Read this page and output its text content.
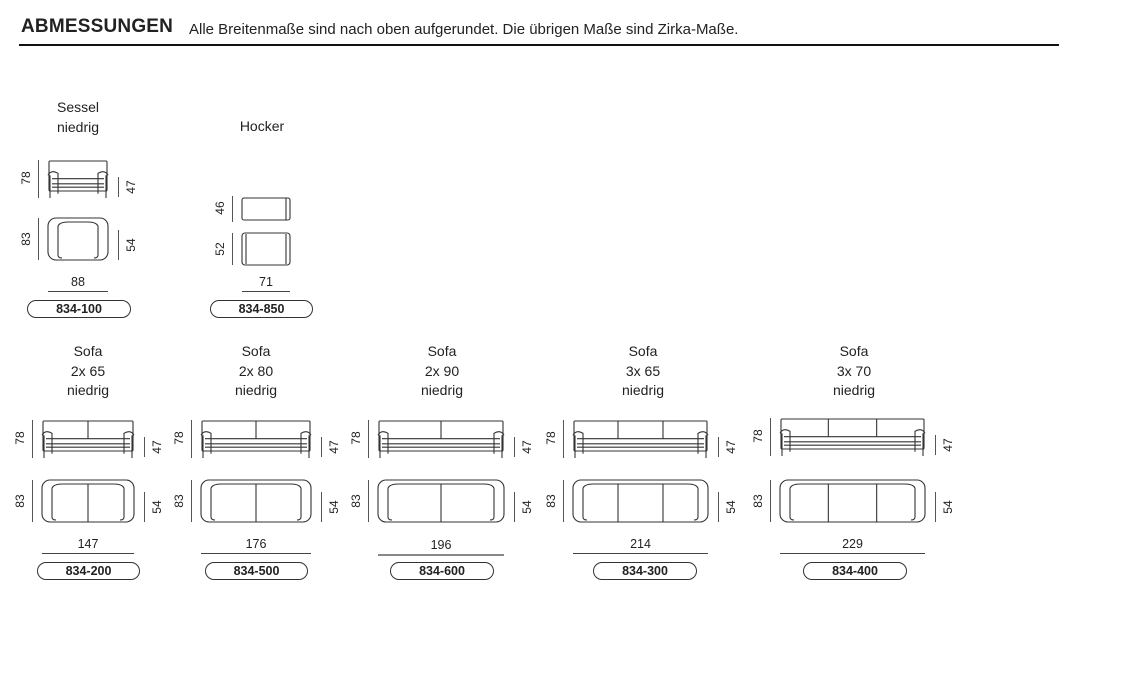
ABMESSUNGEN Alle Breitenmaße sind nach oben aufgerundet. Die übrigen Maße sind Zirka-Maße.
Sessel
niedrig
78
83
47
54
88
834-100
Hocker
46
52
71
834-850
Sofa
2x 65
niedrig
78
83
47
54
147
834-200
Sofa
2x 80
niedrig
78
83
47
54
176
834-500
Sofa
2x 90
niedrig
78
83
47
54
196
834-600
Sofa
3x 65
niedrig
78
83
47
54
214
834-300
Sofa
3x 70
niedrig
78
83
47
54
229
834-400
